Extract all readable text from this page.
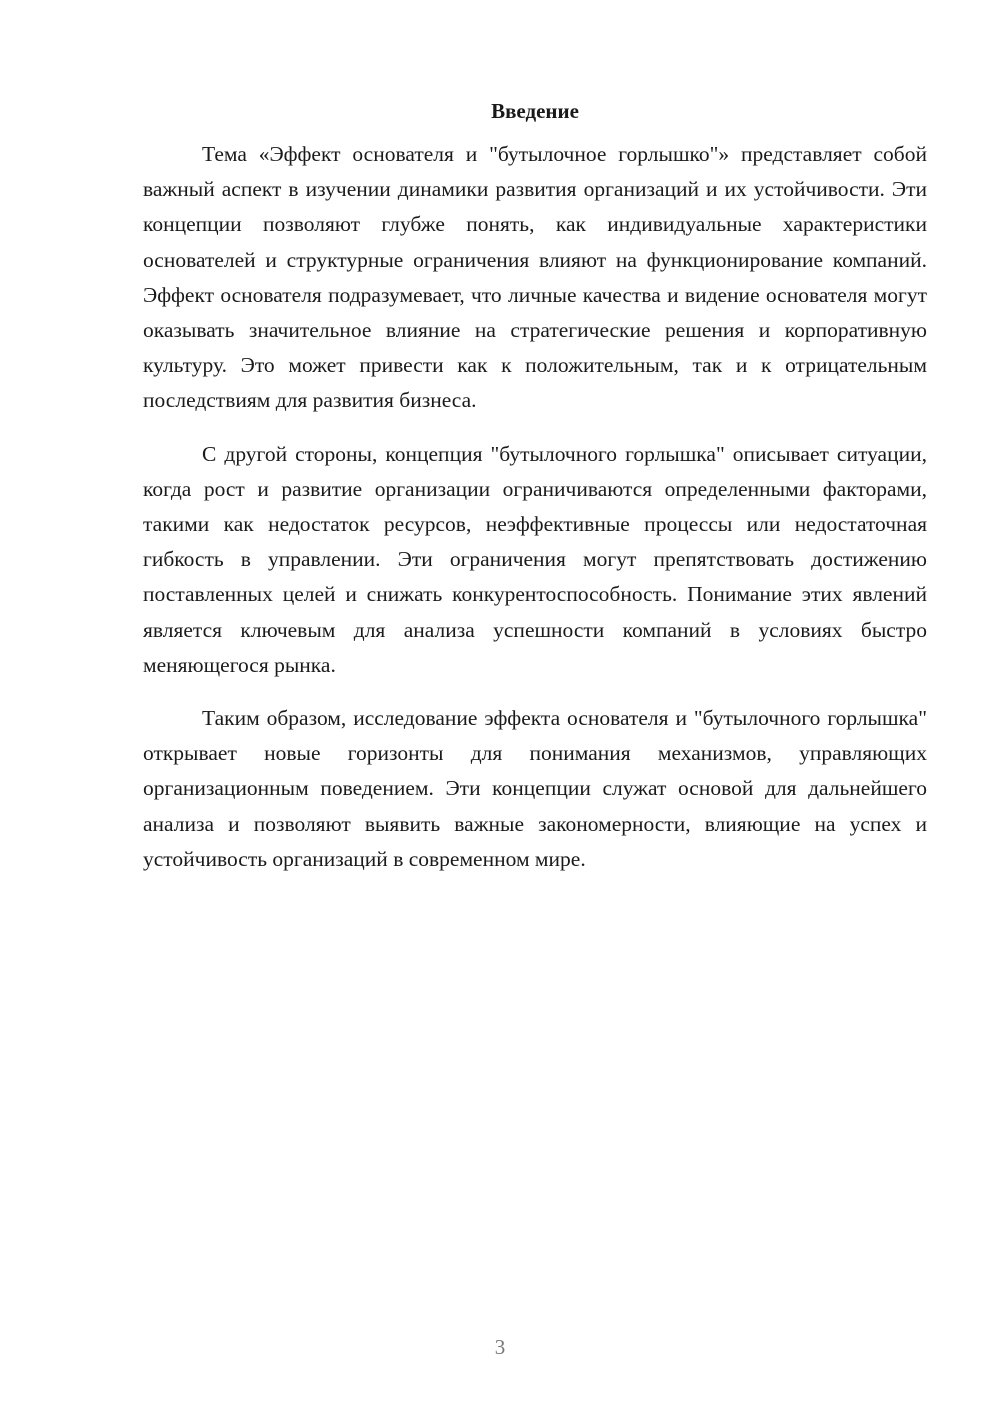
Введение

Тема «Эффект основателя и "бутылочное горлышко"» представляет собой важный аспект в изучении динамики развития организаций и их устойчивости. Эти концепции позволяют глубже понять, как индивидуальные характеристики основателей и структурные ограничения влияют на функционирование компаний. Эффект основателя подразумевает, что личные качества и видение основателя могут оказывать значительное влияние на стратегические решения и корпоративную культуру. Это может привести как к положительным, так и к отрицательным последствиям для развития бизнеса.

С другой стороны, концепция "бутылочного горлышка" описывает ситуации, когда рост и развитие организации ограничиваются определенными факторами, такими как недостаток ресурсов, неэффективные процессы или недостаточная гибкость в управлении. Эти ограничения могут препятствовать достижению поставленных целей и снижать конкурентоспособность. Понимание этих явлений является ключевым для анализа успешности компаний в условиях быстро меняющегося рынка.

Таким образом, исследование эффекта основателя и "бутылочного горлышка" открывает новые горизонты для понимания механизмов, управляющих организационным поведением. Эти концепции служат основой для дальнейшего анализа и позволяют выявить важные закономерности, влияющие на успех и устойчивость организаций в современном мире.

3
